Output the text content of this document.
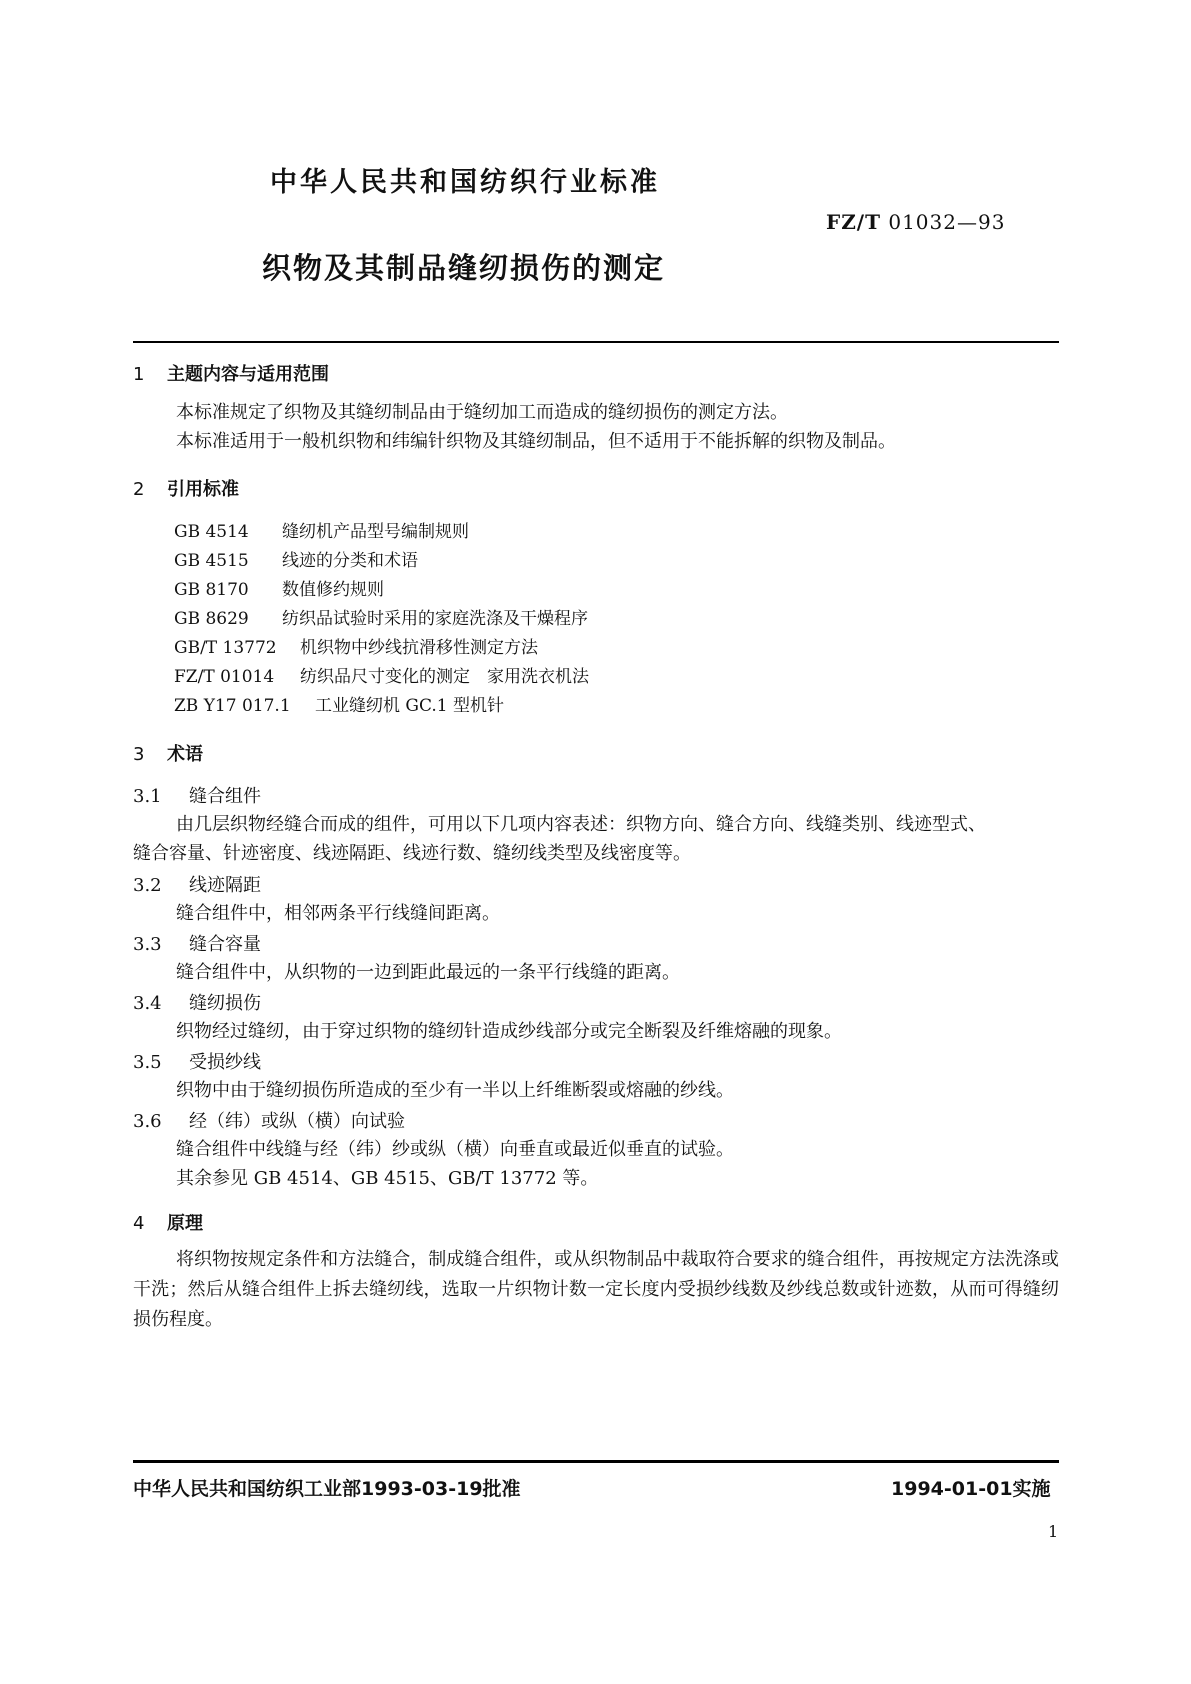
中华人民共和国纺织行业标准
FZ/T 01032—93
织物及其制品缝纫损伤的测定
1 主题内容与适用范围
本标准规定了织物及其缝纫制品由于缝纫加工而造成的缝纫损伤的测定方法。
本标准适用于一般机织物和纬编针织物及其缝纫制品，但不适用于不能拆解的织物及制品。
2 引用标准
GB 4514 缝纫机产品型号编制规则
GB 4515 线迹的分类和术语
GB 8170 数值修约规则
GB 8629 纺织品试验时采用的家庭洗涤及干燥程序
GB/T 13772 机织物中纱线抗滑移性测定方法
FZ/T 01014 纺织品尺寸变化的测定　家用洗衣机法
ZB Y17 017.1 工业缝纫机 GC.1 型机针
3 术语
3.1 缝合组件
由几层织物经缝合而成的组件，可用以下几项内容表述：织物方向、缝合方向、线缝类别、线迹型式、
缝合容量、针迹密度、线迹隔距、线迹行数、缝纫线类型及线密度等。
3.2 线迹隔距
缝合组件中，相邻两条平行线缝间距离。
3.3 缝合容量
缝合组件中，从织物的一边到距此最远的一条平行线缝的距离。
3.4 缝纫损伤
织物经过缝纫，由于穿过织物的缝纫针造成纱线部分或完全断裂及纤维熔融的现象。
3.5 受损纱线
织物中由于缝纫损伤所造成的至少有一半以上纤维断裂或熔融的纱线。
3.6 经（纬）或纵（横）向试验
缝合组件中线缝与经（纬）纱或纵（横）向垂直或最近似垂直的试验。
其余参见 GB 4514、GB 4515、GB/T 13772 等。
4 原理
将织物按规定条件和方法缝合，制成缝合组件，或从织物制品中裁取符合要求的缝合组件，再按规定方法洗涤或干洗；然后从缝合组件上拆去缝纫线，选取一片织物计数一定长度内受损纱线数及纱线总数或针迹数，从而可得缝纫损伤程度。
中华人民共和国纺织工业部1993-03-19批准	1994-01-01实施
1
